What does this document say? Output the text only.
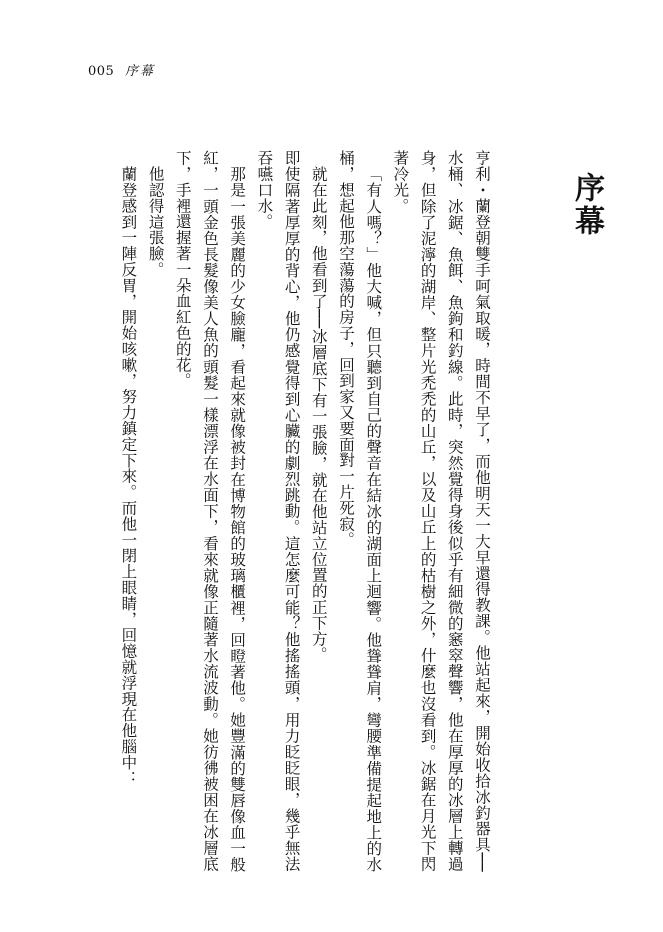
005 序幕
序幕

亨利・蘭登朝雙手呵氣取暖，時間不早了，而他明天一大早還得教課。他站起來，開始收拾冰釣器具──水桶、冰鋸、魚餌、魚鉤和釣線。此時，突然覺得身後似乎有細微的窸窣聲響，他在厚厚的冰層上轉過身，但除了泥濘的湖岸、整片光禿禿的山丘，以及山丘上的枯樹之外，什麼也沒看到。冰鋸在月光下閃著冷光。

「有人嗎？」他大喊，但只聽到自己的聲音在結冰的湖面上迴響。他聳聳肩，彎腰準備提起地上的水桶，想起他那空蕩蕩的房子，回到家又要面對一片死寂。

就在此刻，他看到了──冰層底下有一張臉，就在他站立位置的正下方。

即使隔著厚厚的背心，他仍感覺得到心臟的劇烈跳動。這怎麼可能？他搖搖頭，用力眨眨眼，幾乎無法吞嚥口水。

那是一張美麗的少女臉龐，看起來就像被封在博物館的玻璃櫃裡，回瞪著他。她豐滿的雙唇像血一般紅，一頭金色長髮像美人魚的頭髮一樣漂浮在水面下，看來就像正隨著水流波動。她彷彿被困在冰層底下，手裡還握著一朵血紅色的花。

他認得這張臉。

蘭登感到一陣反胃，開始咳嗽，努力鎮定下來。而他一閉上眼睛，回憶就浮現在他腦中：
